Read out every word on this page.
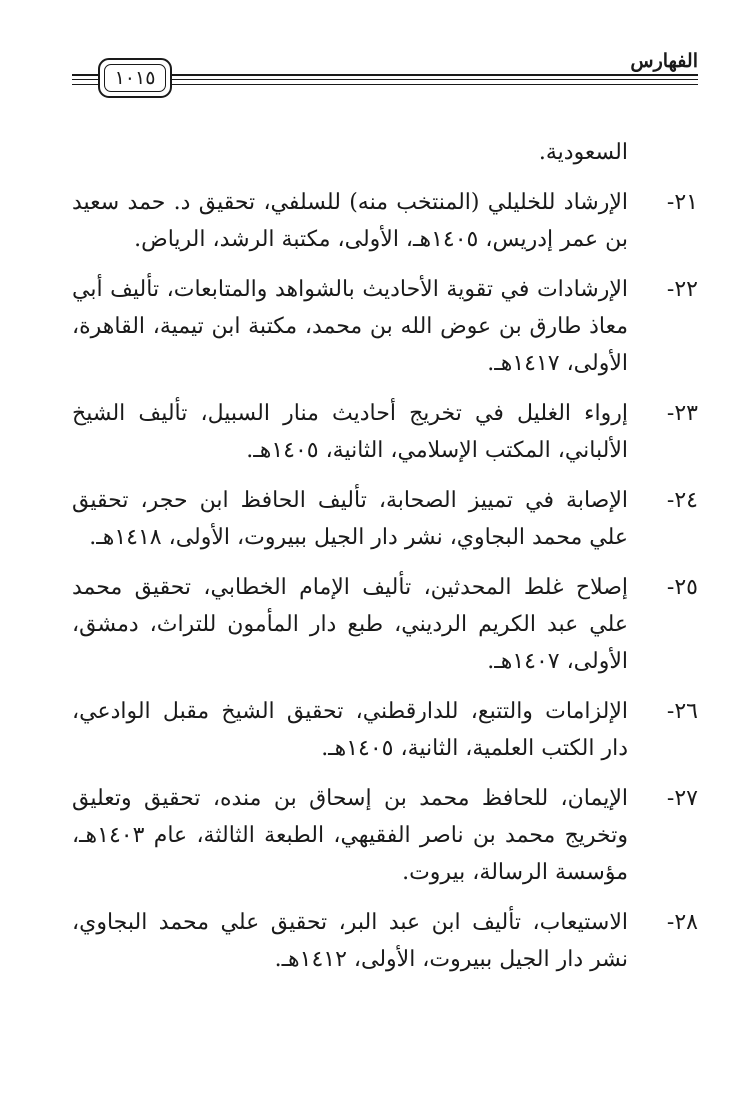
الفهارس
١٠١٥
السعودية.
٢١-
الإرشاد للخليلي (المنتخب منه) للسلفي، تحقيق د. حمد سعيد بن عمر إدريس، ١٤٠٥هـ، الأولى، مكتبة الرشد، الرياض.
٢٢-
الإرشادات في تقوية الأحاديث بالشواهد والمتابعات، تأليف أبي معاذ طارق بن عوض الله بن محمد، مكتبة ابن تيمية، القاهرة، الأولى، ١٤١٧هـ.
٢٣-
إرواء الغليل في تخريج أحاديث منار السبيل، تأليف الشيخ الألباني، المكتب الإسلامي، الثانية، ١٤٠٥هـ.
٢٤-
الإصابة في تمييز الصحابة، تأليف الحافظ ابن حجر، تحقيق علي محمد البجاوي، نشر دار الجيل ببيروت، الأولى، ١٤١٨هـ.
٢٥-
إصلاح غلط المحدثين، تأليف الإمام الخطابي، تحقيق محمد علي عبد الكريم الرديني، طبع دار المأمون للتراث، دمشق، الأولى، ١٤٠٧هـ.
٢٦-
الإلزامات والتتبع، للدارقطني، تحقيق الشيخ مقبل الوادعي، دار الكتب العلمية، الثانية، ١٤٠٥هـ.
٢٧-
الإيمان، للحافظ محمد بن إسحاق بن منده، تحقيق وتعليق وتخريج محمد بن ناصر الفقيهي، الطبعة الثالثة، عام ١٤٠٣هـ، مؤسسة الرسالة، بيروت.
٢٨-
الاستيعاب، تأليف ابن عبد البر، تحقيق علي محمد البجاوي، نشر دار الجيل ببيروت، الأولى، ١٤١٢هـ.
